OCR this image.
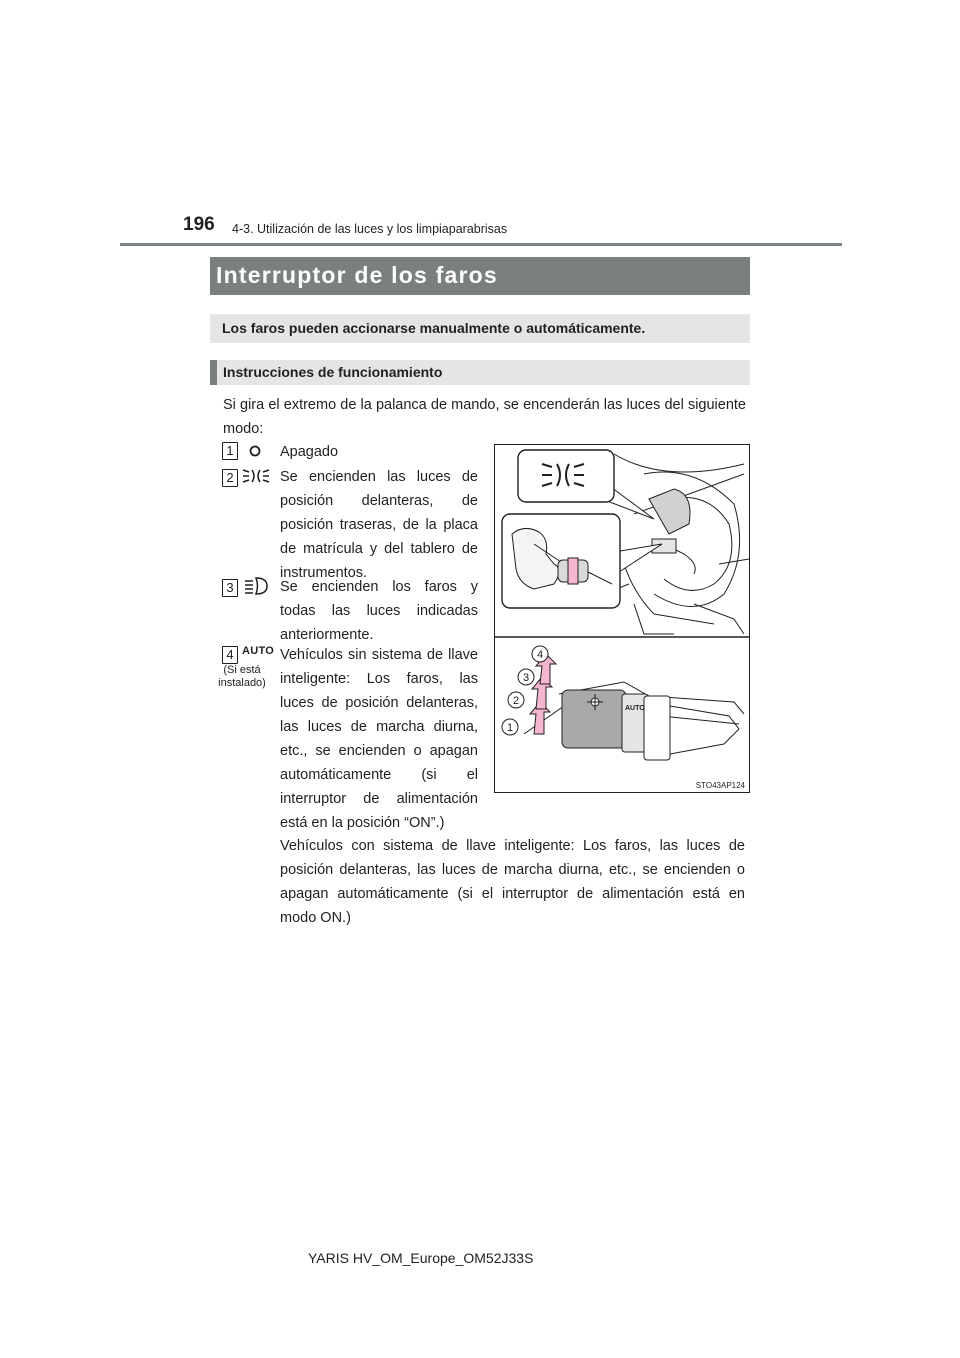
196 4-3. Utilización de las luces y los limpiaparabrisas
Interruptor de los faros
Los faros pueden accionarse manualmente o automáticamente.
Instrucciones de funcionamiento
Si gira el extremo de la palanca de mando, se encenderán las luces del siguiente modo:
1	Apagado
2	Se encienden las luces de posición delanteras, de posición traseras, de la placa de matrícula y del tablero de instrumentos.
3	Se encienden los faros y todas las luces indicadas anteriormente.
4 AUTO
(Si está instalado)
Vehículos sin sistema de llave inteligente: Los faros, las luces de posición delanteras, las luces de marcha diurna, etc., se encienden o apagan automáticamente (si el interruptor de alimentación está en la posición “ON”.)
AUTO
1
2
3
4
STO43AP124
Vehículos con sistema de llave inteligente: Los faros, las luces de posición delanteras, las luces de marcha diurna, etc., se encienden o apagan automáticamente (si el interruptor de alimentación está en modo ON.)
YARIS HV_OM_Europe_OM52J33S
